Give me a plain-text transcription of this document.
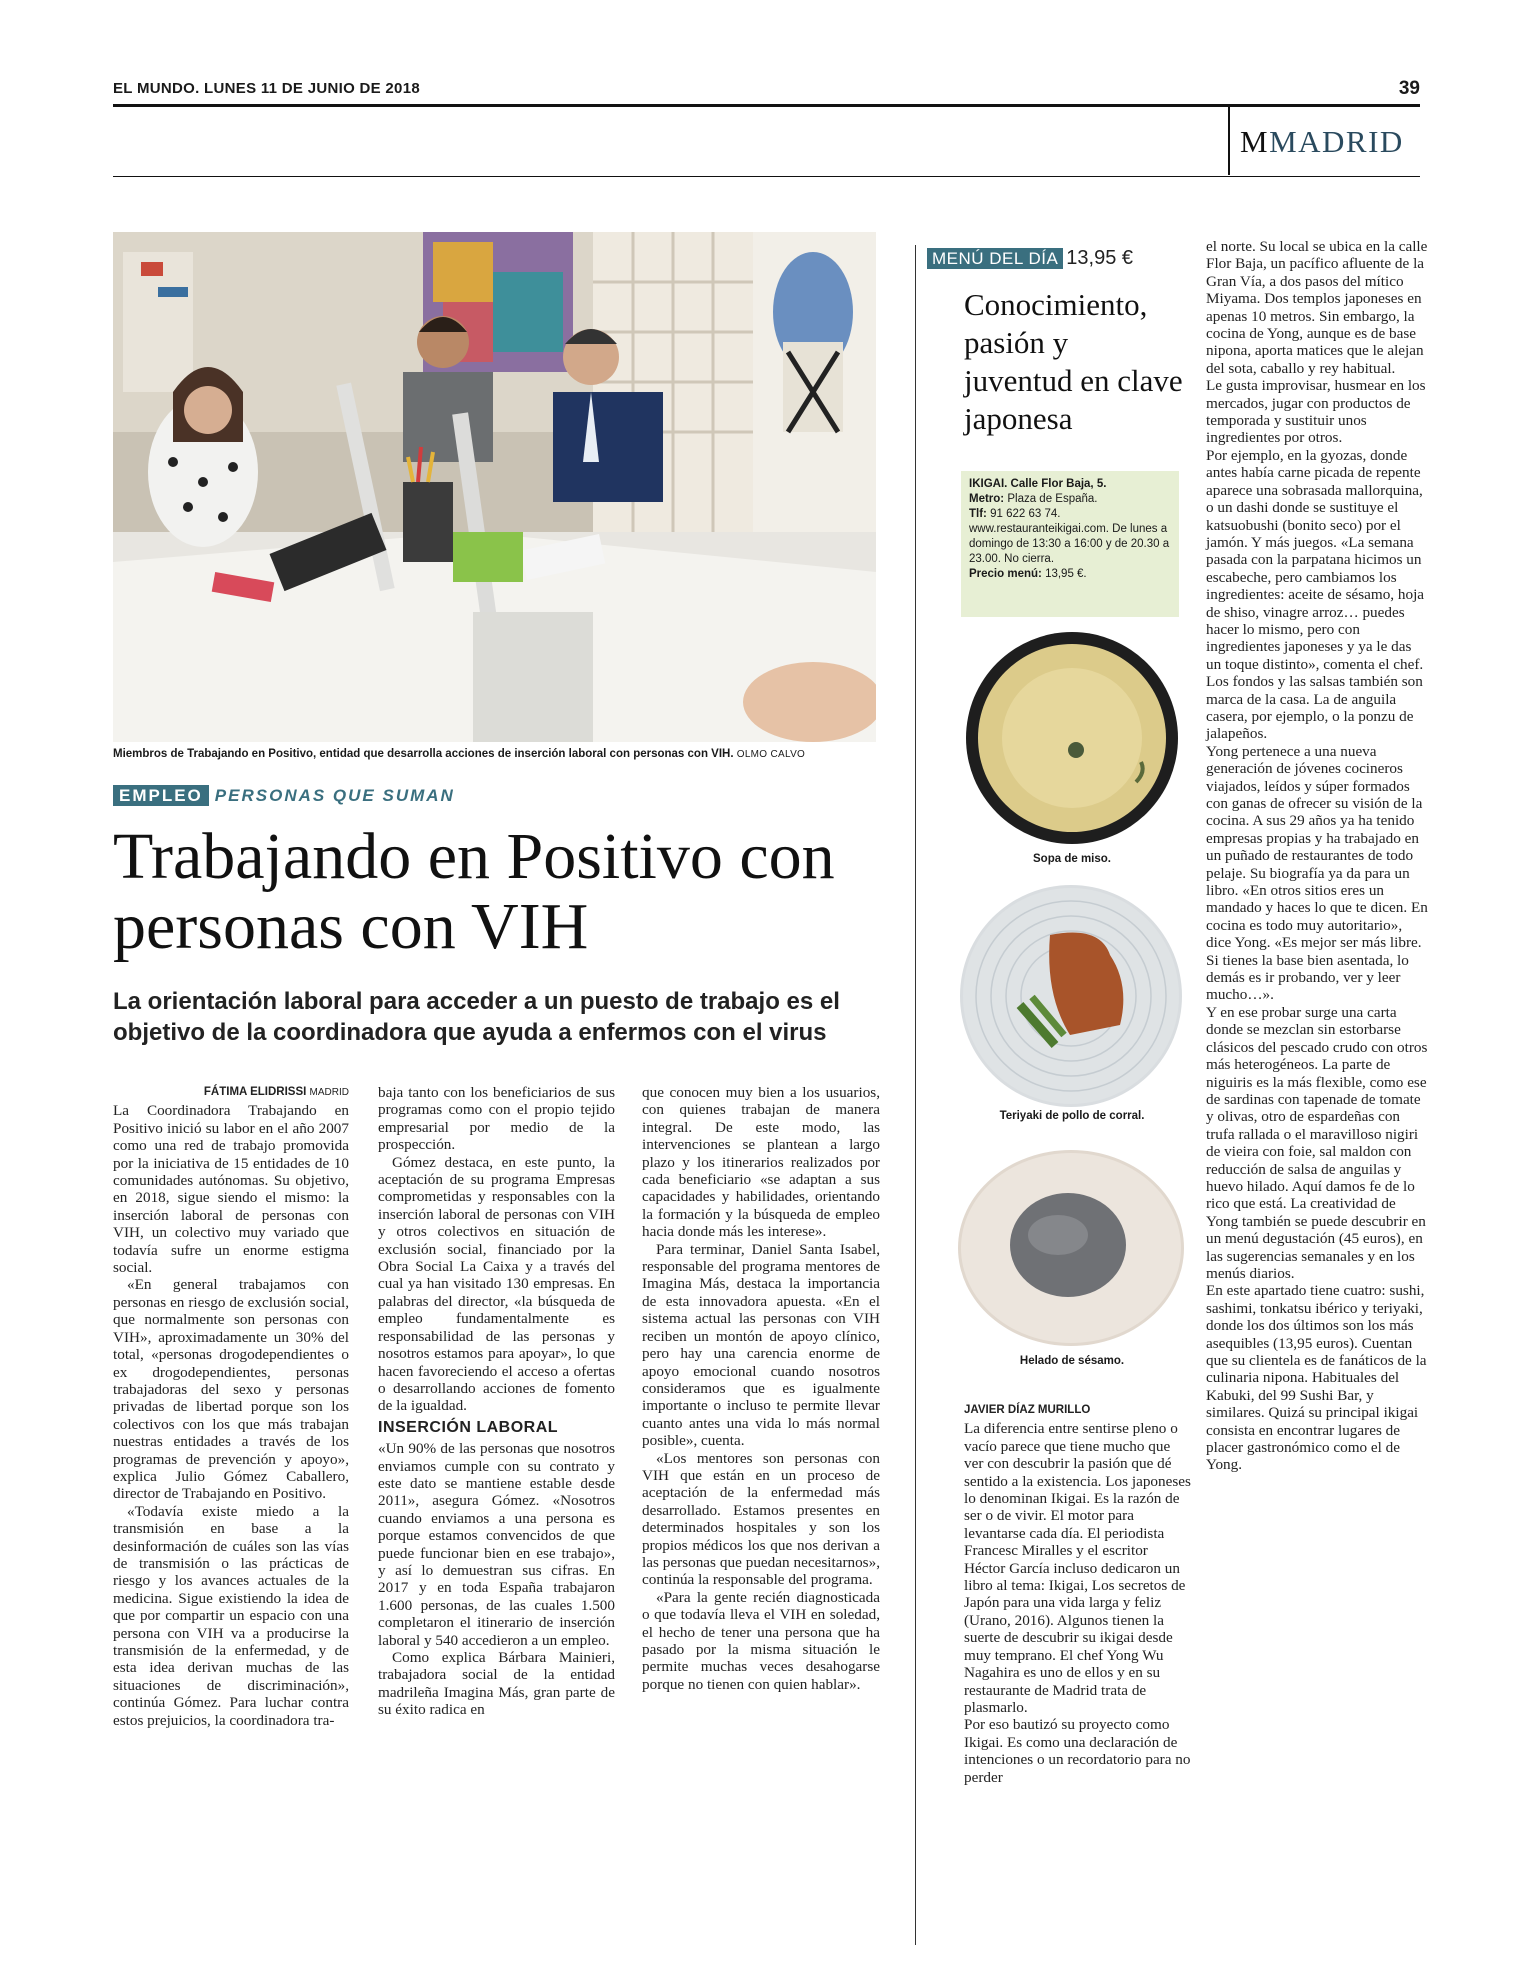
EL MUNDO. LUNES 11 DE JUNIO DE 2018	39
MMADRID
Miembros de Trabajando en Positivo, entidad que desarrolla acciones de inserción laboral con personas con VIH. OLMO CALVO
EMPLEO PERSONAS QUE SUMAN
Trabajando en Positivo con personas con VIH
La orientación laboral para acceder a un puesto de trabajo es el objetivo de la coordinadora que ayuda a enfermos con el virus
FÁTIMA ELIDRISSI MADRID

La Coordinadora Trabajando en Positivo inició su labor en el año 2007 como una red de trabajo promovida por la iniciativa de 15 entidades de 10 comunidades autónomas. Su objetivo, en 2018, sigue siendo el mismo: la inserción laboral de personas con VIH, un colectivo muy variado que todavía sufre un enorme estigma social.

«En general trabajamos con personas en riesgo de exclusión social, que normalmente son personas con VIH», aproximadamente un 30% del total, «personas drogodependientes o ex drogodependientes, personas trabajadoras del sexo y personas privadas de libertad porque son los colectivos con los que más trabajan nuestras entidades a través de los programas de prevención y apoyo», explica Julio Gómez Caballero, director de Trabajando en Positivo.

«Todavía existe miedo a la transmisión en base a la desinformación de cuáles son las vías de transmisión o las prácticas de riesgo y los avances actuales de la medicina. Sigue existiendo la idea de que por compartir un espacio con una persona con VIH va a producirse la transmisión de la enfermedad, y de esta idea derivan muchas de las situaciones de discriminación», continúa Gómez. Para luchar contra estos prejuicios, la coordinadora tra-

baja tanto con los beneficiarios de sus programas como con el propio tejido empresarial por medio de la prospección.

Gómez destaca, en este punto, la aceptación de su programa Empresas comprometidas y responsables con la inserción laboral de personas con VIH y otros colectivos en situación de exclusión social, financiado por la Obra Social La Caixa y a través del cual ya han visitado 130 empresas. En palabras del director, «la búsqueda de empleo fundamentalmente es responsabilidad de las personas y nosotros estamos para apoyar», lo que hacen favoreciendo el acceso a ofertas o desarrollando acciones de fomento de la igualdad.

INSERCIÓN LABORAL

«Un 90% de las personas que nosotros enviamos cumple con su contrato y este dato se mantiene estable desde 2011», asegura Gómez. «Nosotros cuando enviamos a una persona es porque estamos convencidos de que puede funcionar bien en ese trabajo», y así lo demuestran sus cifras. En 2017 y en toda España trabajaron 1.600 personas, de las cuales 1.500 completaron el itinerario de inserción laboral y 540 accedieron a un empleo.

Como explica Bárbara Mainieri, trabajadora social de la entidad madrileña Imagina Más, gran parte de su éxito radica en

que conocen muy bien a los usuarios, con quienes trabajan de manera integral. De este modo, las intervenciones se plantean a largo plazo y los itinerarios realizados por cada beneficiario «se adaptan a sus capacidades y habilidades, orientando la formación y la búsqueda de empleo hacia donde más les interese».

Para terminar, Daniel Santa Isabel, responsable del programa mentores de Imagina Más, destaca la importancia de esta innovadora apuesta. «En el sistema actual las personas con VIH reciben un montón de apoyo clínico, pero hay una carencia enorme de apoyo emocional cuando nosotros consideramos que es igualmente importante o incluso te permite llevar cuanto antes una vida lo más normal posible», cuenta.

«Los mentores son personas con VIH que están en un proceso de aceptación de la enfermedad más desarrollado. Estamos presentes en determinados hospitales y son los propios médicos los que nos derivan a las personas que puedan necesitarnos», continúa la responsable del programa.

«Para la gente recién diagnosticada o que todavía lleva el VIH en soledad, el hecho de tener una persona que ha pasado por la misma situación le permite muchas veces desahogarse porque no tienen con quien hablar».

MENÚ DEL DÍA 13,95 €
Conocimiento, pasión y juventud en clave japonesa
IKIGAI. Calle Flor Baja, 5.
Metro: Plaza de España.
Tlf: 91 622 63 74. www.restauranteikigai.com. De lunes a domingo de 13:30 a 16:00 y de 20.30 a 23.00. No cierra.
Precio menú: 13,95 €.
Sopa de miso.
Teriyaki de pollo de corral.
Helado de sésamo.
JAVIER DÍAZ MURILLO

La diferencia entre sentirse pleno o vacío parece que tiene mucho que ver con descubrir la pasión que dé sentido a la existencia. Los japoneses lo denominan Ikigai. Es la razón de ser o de vivir. El motor para levantarse cada día. El periodista Francesc Miralles y el escritor Héctor García incluso dedicaron un libro al tema: Ikigai, Los secretos de Japón para una vida larga y feliz (Urano, 2016). Algunos tienen la suerte de descubrir su ikigai desde muy temprano. El chef Yong Wu Nagahira es uno de ellos y en su restaurante de Madrid trata de plasmarlo.

Por eso bautizó su proyecto como Ikigai. Es como una declaración de intenciones o un recordatorio para no perder

el norte. Su local se ubica en la calle Flor Baja, un pacífico afluente de la Gran Vía, a dos pasos del mítico Miyama. Dos templos japoneses en apenas 10 metros. Sin embargo, la cocina de Yong, aunque es de base nipona, aporta matices que le alejan del sota, caballo y rey habitual.

Le gusta improvisar, husmear en los mercados, jugar con productos de temporada y sustituir unos ingredientes por otros.

Por ejemplo, en la gyozas, donde antes había carne picada de repente aparece una sobrasada mallorquina, o un dashi donde se sustituye el katsuobushi (bonito seco) por el jamón. Y más juegos. «La semana pasada con la parpatana hicimos un escabeche, pero cambiamos los ingredientes: aceite de sésamo, hoja de shiso, vinagre arroz… puedes hacer lo mismo, pero con ingredientes japoneses y ya le das un toque distinto», comenta el chef. Los fondos y las salsas también son marca de la casa. La de anguila casera, por ejemplo, o la ponzu de jalapeños.

Yong pertenece a una nueva generación de jóvenes cocineros viajados, leídos y súper formados con ganas de ofrecer su visión de la cocina. A sus 29 años ya ha tenido empresas propias y ha trabajado en un puñado de restaurantes de todo pelaje. Su biografía ya da para un libro. «En otros sitios eres un mandado y haces lo que te dicen. En cocina es todo muy autoritario», dice Yong. «Es mejor ser más libre. Si tienes la base bien asentada, lo demás es ir probando, ver y leer mucho…».

Y en ese probar surge una carta donde se mezclan sin estorbarse clásicos del pescado crudo con otros más heterogéneos. La parte de niguiris es la más flexible, como ese de sardinas con tapenade de tomate y olivas, otro de espardeñas con trufa rallada o el maravilloso nigiri de vieira con foie, sal maldon con reducción de salsa de anguilas y huevo hilado. Aquí damos fe de lo rico que está. La creatividad de Yong también se puede descubrir en un menú degustación (45 euros), en las sugerencias semanales y en los menús diarios.

En este apartado tiene cuatro: sushi, sashimi, tonkatsu ibérico y teriyaki, donde los dos últimos son los más asequibles (13,95 euros). Cuentan que su clientela es de fanáticos de la culinaria nipona. Habituales del Kabuki, del 99 Sushi Bar, y similares. Quizá su principal ikigai consista en encontrar lugares de placer gastronómico como el de Yong.
